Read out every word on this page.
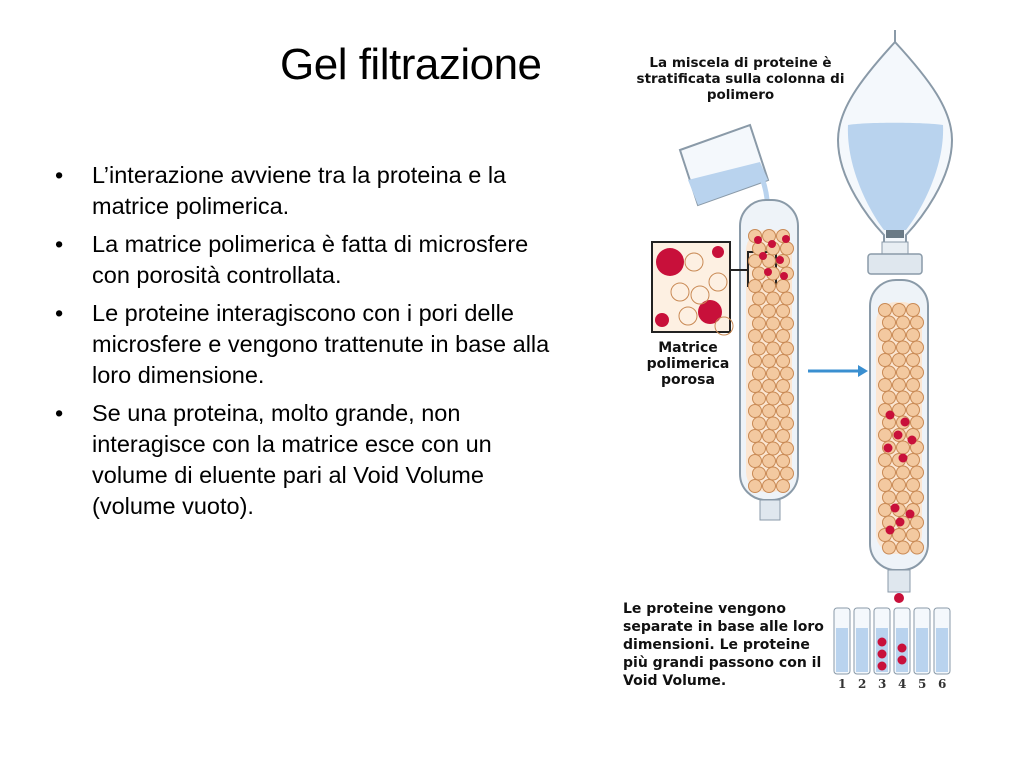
Gel filtrazione
• L’interazione avviene tra la proteina e la matrice polimerica.
• La matrice polimerica è fatta di microsfere con porosità controllata.
• Le proteine interagiscono con i pori delle microsfere e vengono trattenute in base alla loro dimensione.
• Se una proteina, molto grande, non interagisce con la matrice esce con un volume di eluente pari al Void Volume (volume vuoto).
La miscela di proteine è stratificata sulla colonna di polimero
Matrice polimerica porosa
Le proteine vengono separate in base alle loro dimensioni. Le proteine più grandi passono con il Void Volume.	1 2 3 4 5 6
